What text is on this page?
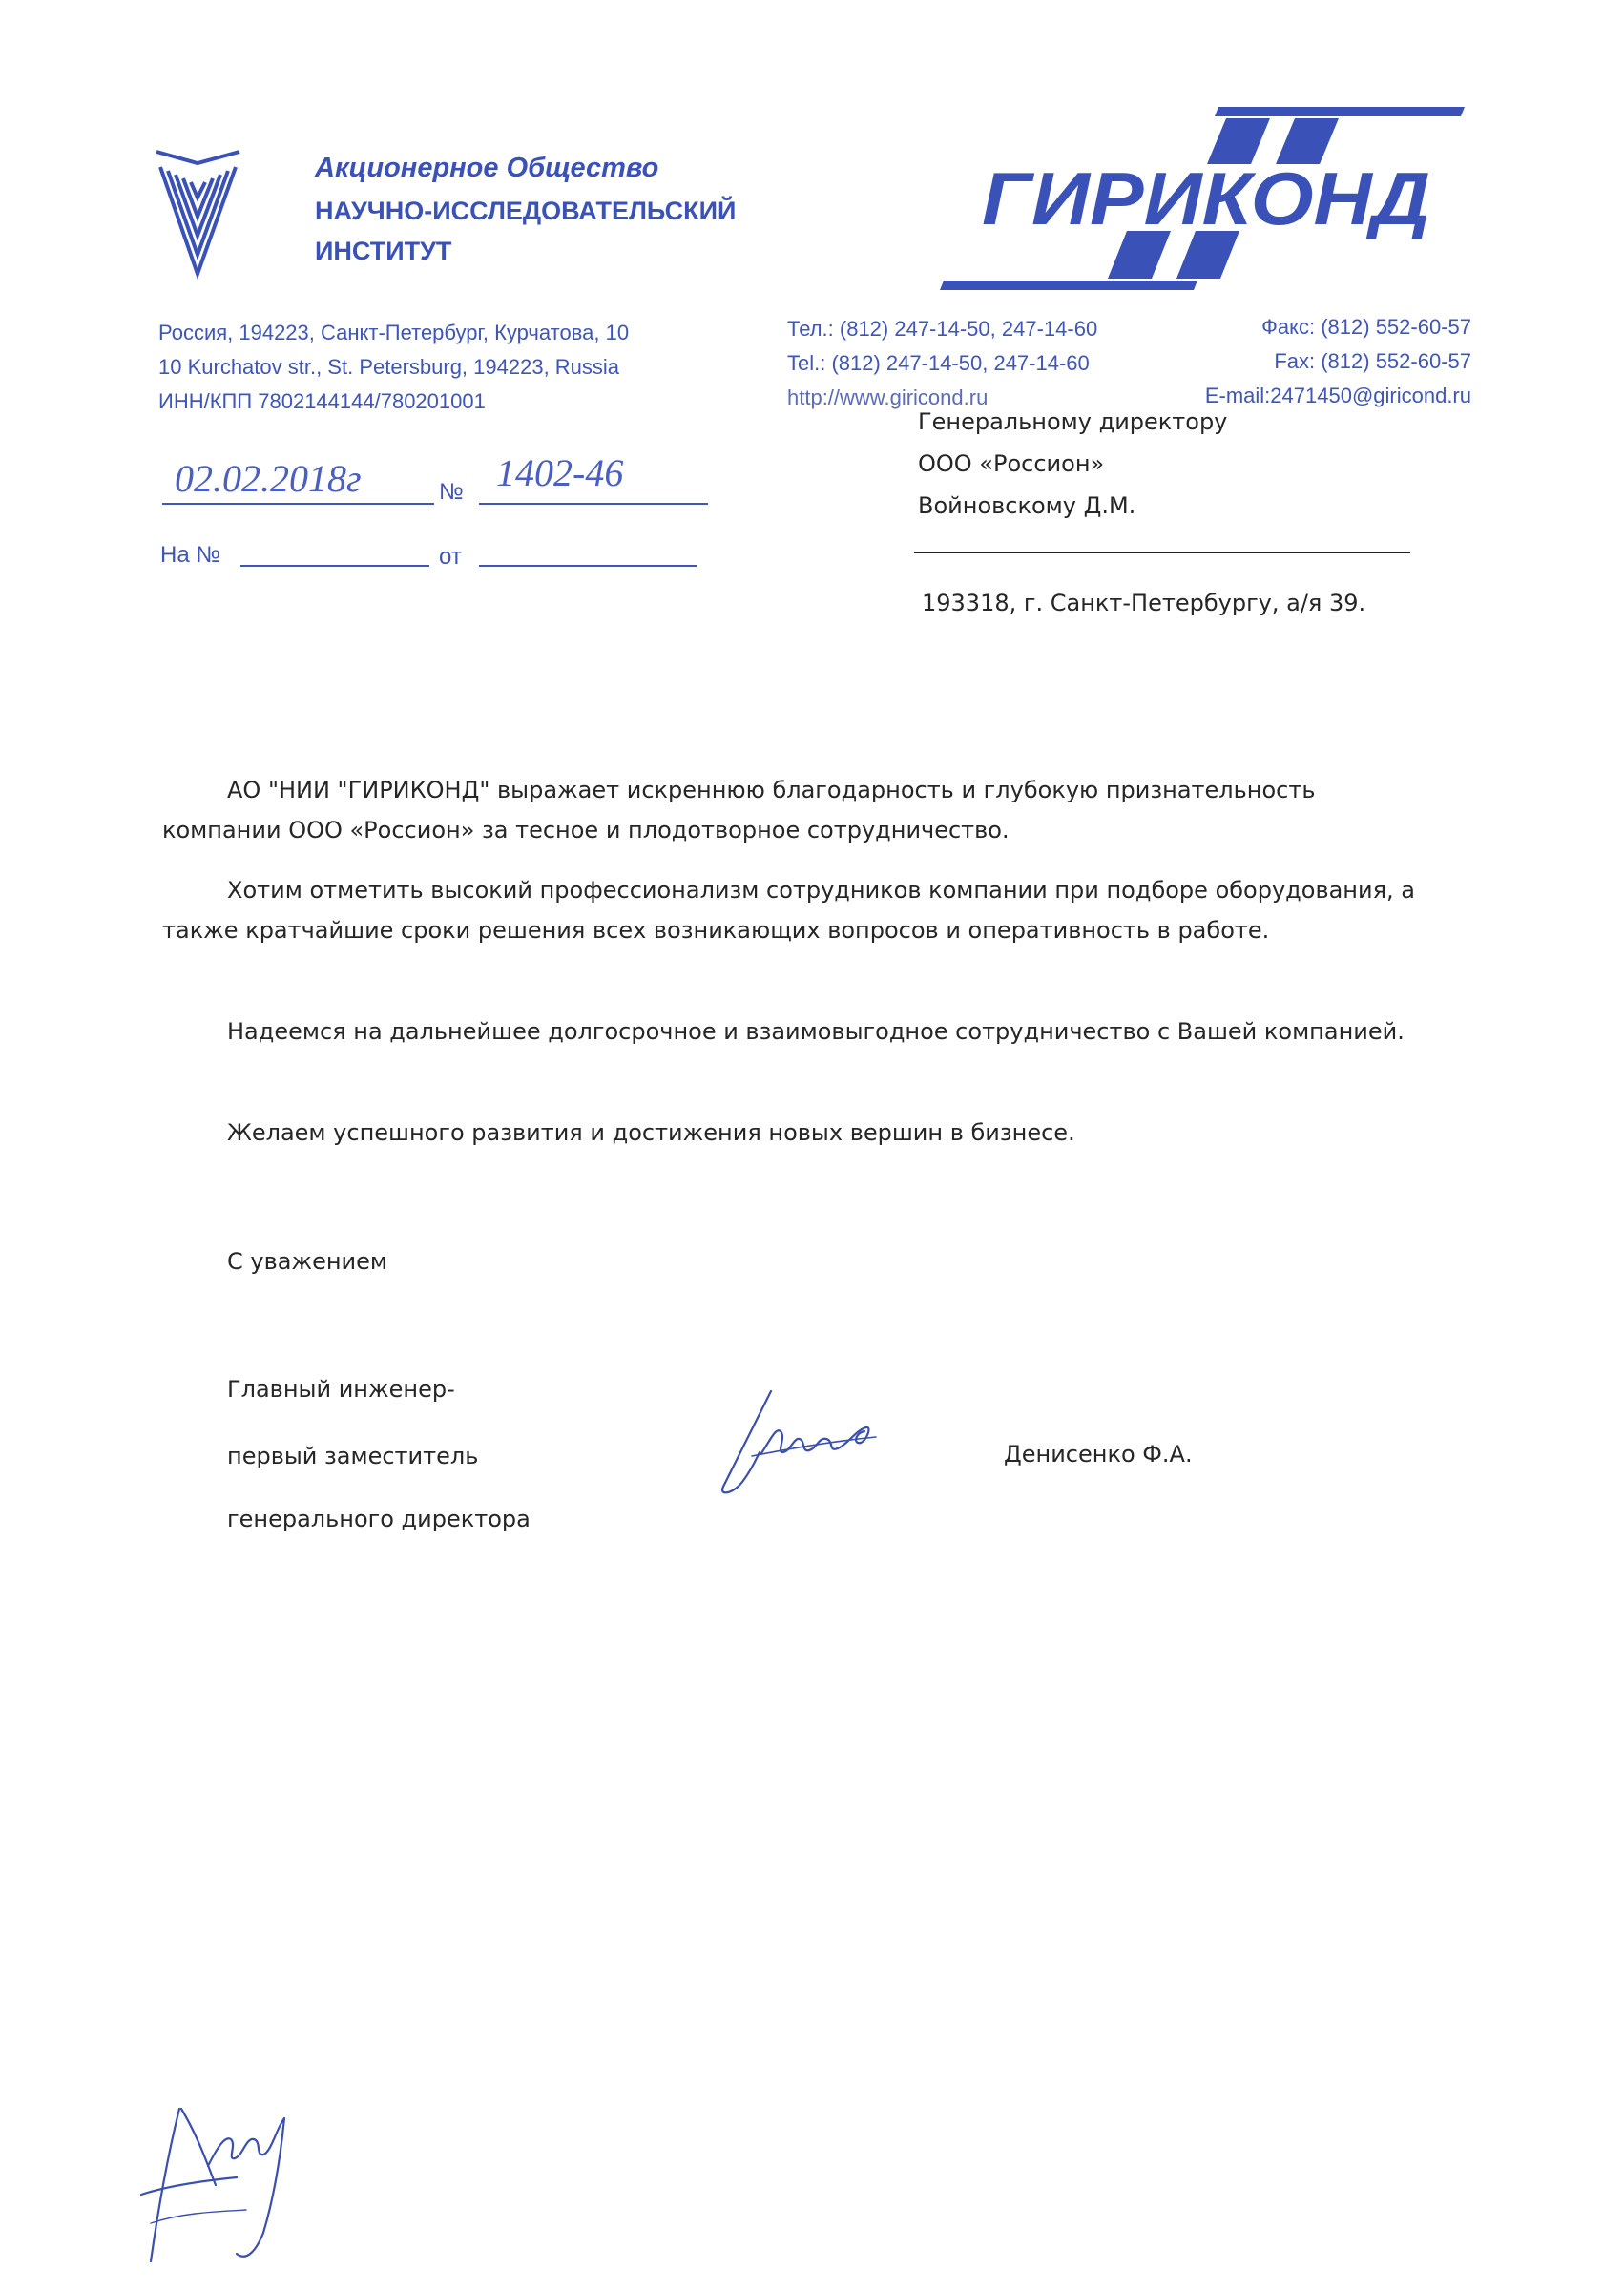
Акционерное Общество
НАУЧНО-ИССЛЕДОВАТЕЛЬСКИЙ
ИНСТИТУТ
ГИРИКОНД
Россия, 194223, Санкт-Петербург, Курчатова, 10
10 Kurchatov str., St. Petersburg, 194223, Russia
ИНН/КПП 7802144144/780201001
Тел.: (812) 247-14-50, 247-14-60
Tel.: (812) 247-14-50, 247-14-60
http://www.giricond.ru
Факс: (812) 552-60-57
Fax: (812) 552-60-57
E-mail:2471450@giricond.ru
02.02.2018г	№ 1402-46
На №	от
Генеральному директору
ООО «Россион»
Войновскому Д.М.
193318, г. Санкт-Петербургу, а/я 39.
АО "НИИ "ГИРИКОНД" выражает искреннюю благодарность и глубокую признательность компании ООО «Россион» за тесное и плодотворное сотрудничество.
Хотим отметить высокий профессионализм сотрудников компании при подборе оборудования, а также кратчайшие сроки решения всех возникающих вопросов и оперативность в работе.
Надеемся на дальнейшее долгосрочное и взаимовыгодное сотрудничество с Вашей компанией.
Желаем успешного развития и достижения новых вершин в бизнесе.
С уважением
Главный инженер-
первый заместитель
генерального директора
Денисенко Ф.А.
